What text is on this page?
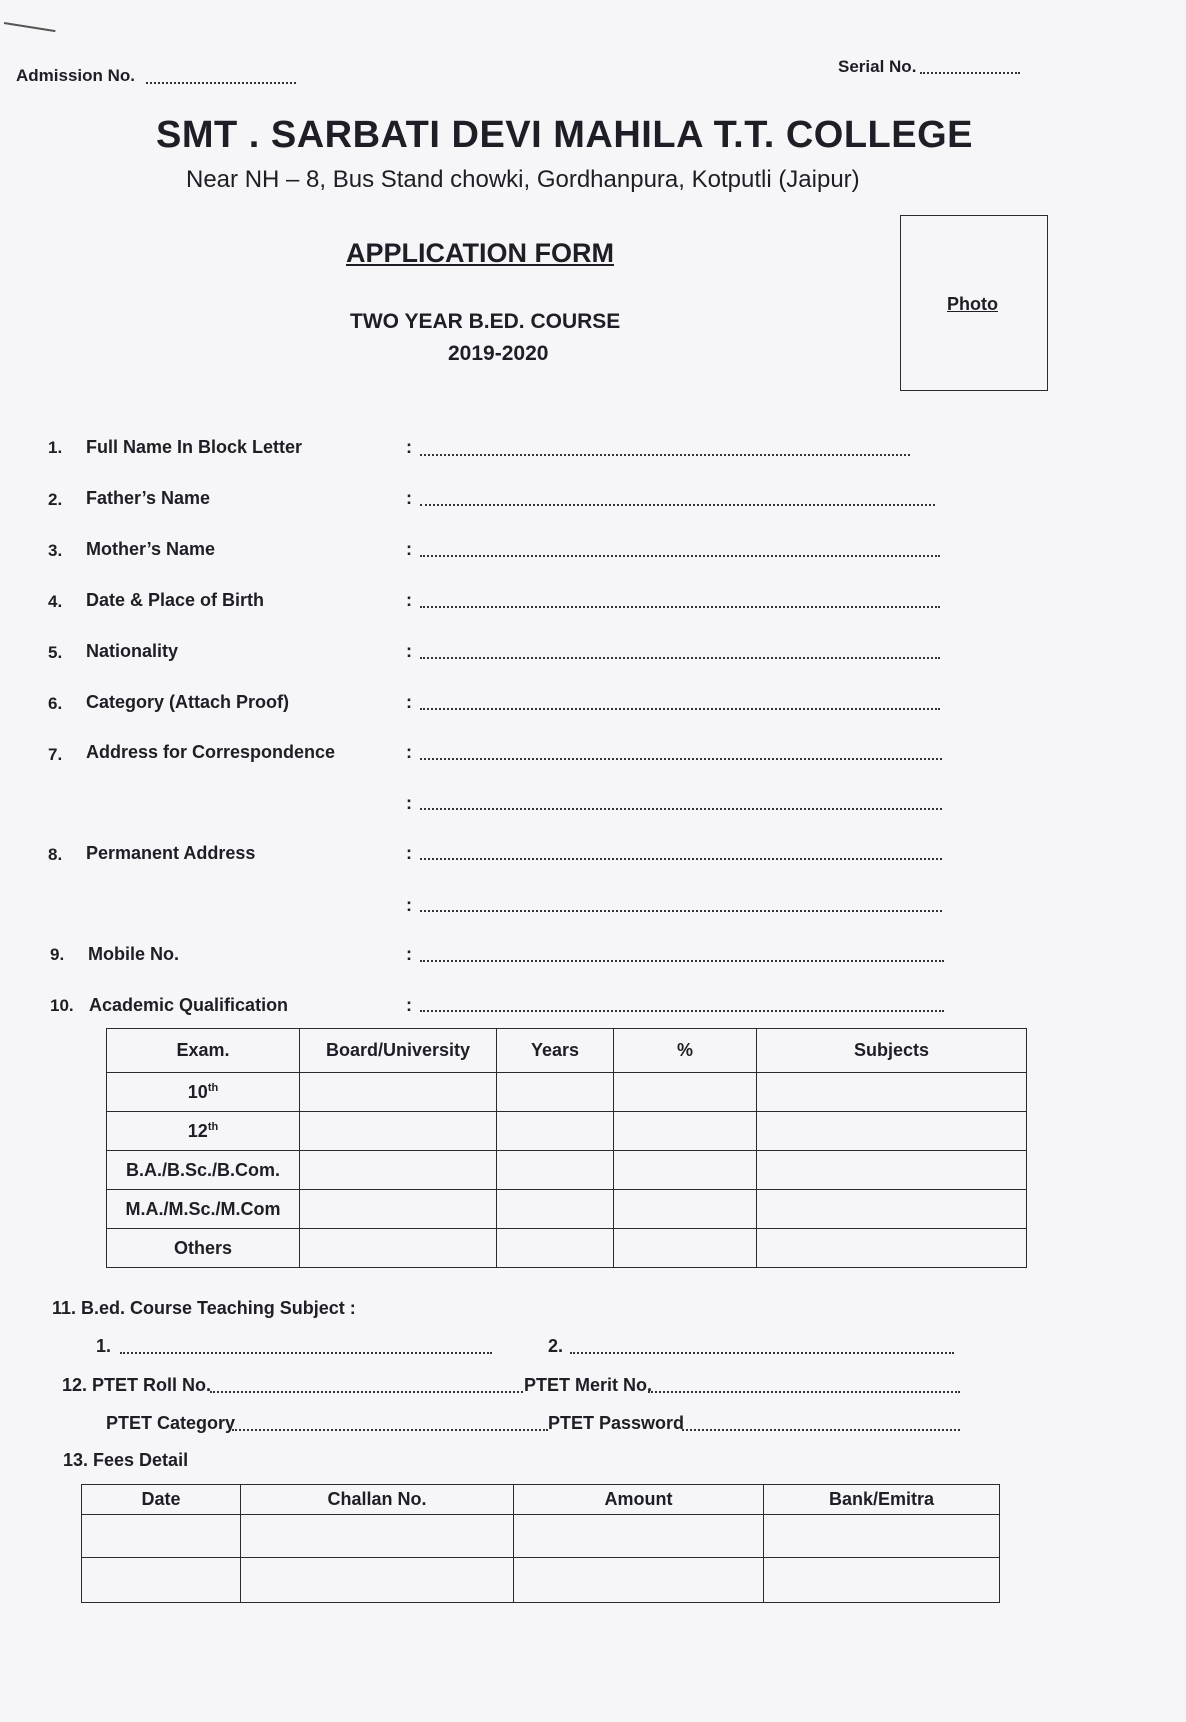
Admission No.	Serial No.
SMT . SARBATI DEVI MAHILA T.T. COLLEGE
Near NH – 8, Bus Stand chowki, Gordhanpura, Kotputli (Jaipur)
APPLICATION FORM
TWO YEAR B.ED. COURSE
2019-2020
Photo
1. Full Name In Block Letter	:
2. Father’s Name	:
3. Mother’s Name	:
4. Date & Place of Birth	:
5. Nationality	:
6. Category (Attach Proof)	:
7. Address for Correspondence	:
:
8. Permanent Address	:
:
9. Mobile No.	:
10. Academic Qualification	:
Exam.	Board/University	Years	%	Subjects
10th				
12th				
B.A./B.Sc./B.Com.				
M.A./M.Sc./M.Com				
Others				
11. B.ed. Course Teaching Subject :
1.	2.
12. PTET Roll No.	PTET Merit No.
PTET Category	PTET Password
13. Fees Detail
Date	Challan No.	Amount	Bank/Emitra
